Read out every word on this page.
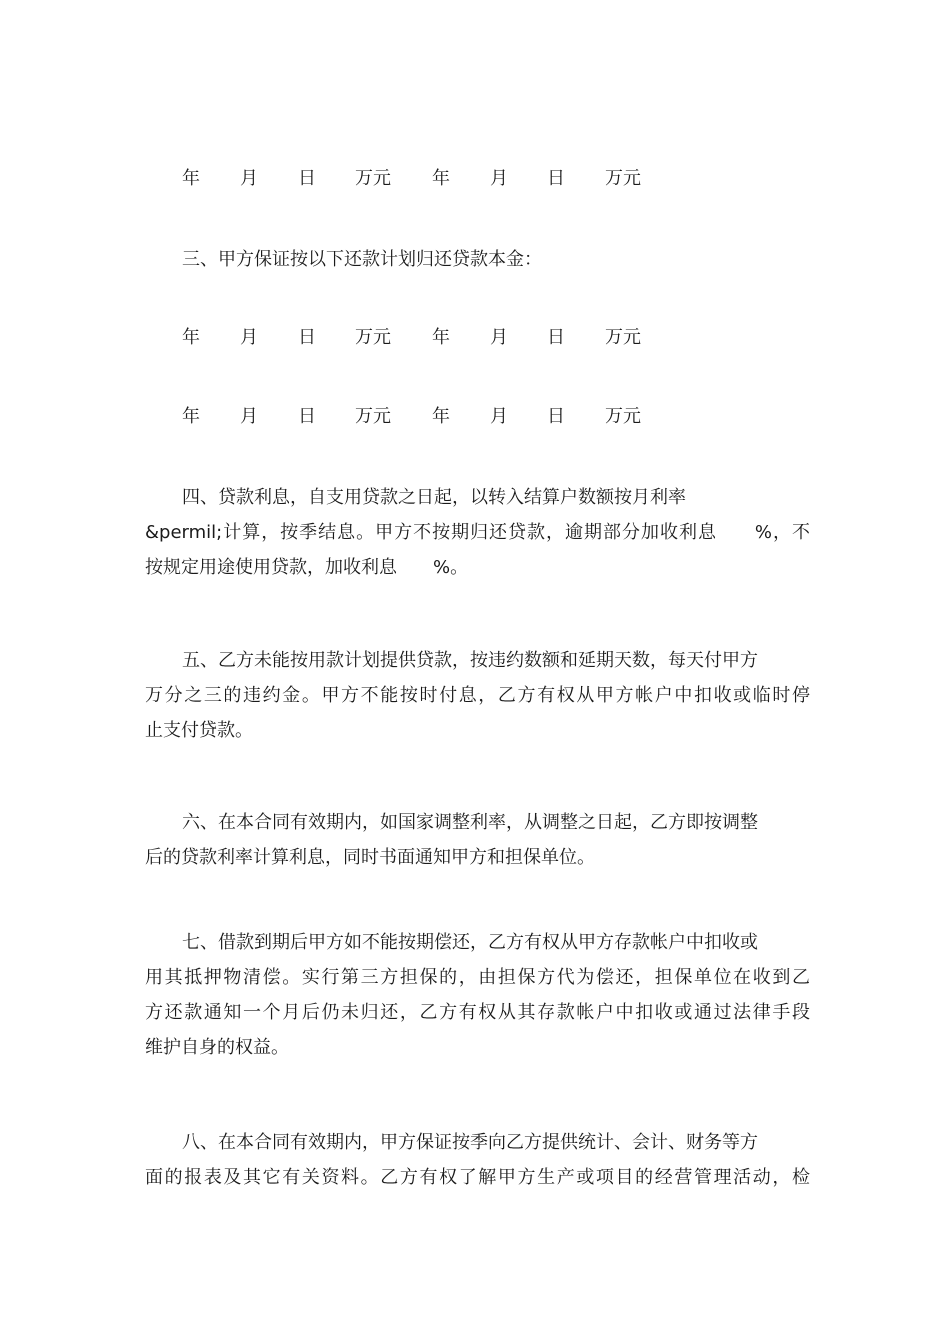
年 月 日 万元 年 月 日 万元

三、甲方保证按以下还款计划归还贷款本金：

年 月 日 万元 年 月 日 万元
年 月 日 万元 年 月 日 万元

四、贷款利息，自支用贷款之日起，以转入结算户数额按月利率
&permil;计算，按季结息。甲方不按期归还贷款，逾期部分加收利息　　%，不
按规定用途使用贷款，加收利息　　%。

五、乙方未能按用款计划提供贷款，按违约数额和延期天数，每天付甲方
万分之三的违约金。甲方不能按时付息，乙方有权从甲方帐户中扣收或临时停
止支付贷款。

六、在本合同有效期内，如国家调整利率，从调整之日起，乙方即按调整
后的贷款利率计算利息，同时书面通知甲方和担保单位。

七、借款到期后甲方如不能按期偿还，乙方有权从甲方存款帐户中扣收或
用其抵押物清偿。实行第三方担保的，由担保方代为偿还，担保单位在收到乙
方还款通知一个月后仍未归还，乙方有权从其存款帐户中扣收或通过法律手段
维护自身的权益。

八、在本合同有效期内，甲方保证按季向乙方提供统计、会计、财务等方
面的报表及其它有关资料。乙方有权了解甲方生产或项目的经营管理活动，检
